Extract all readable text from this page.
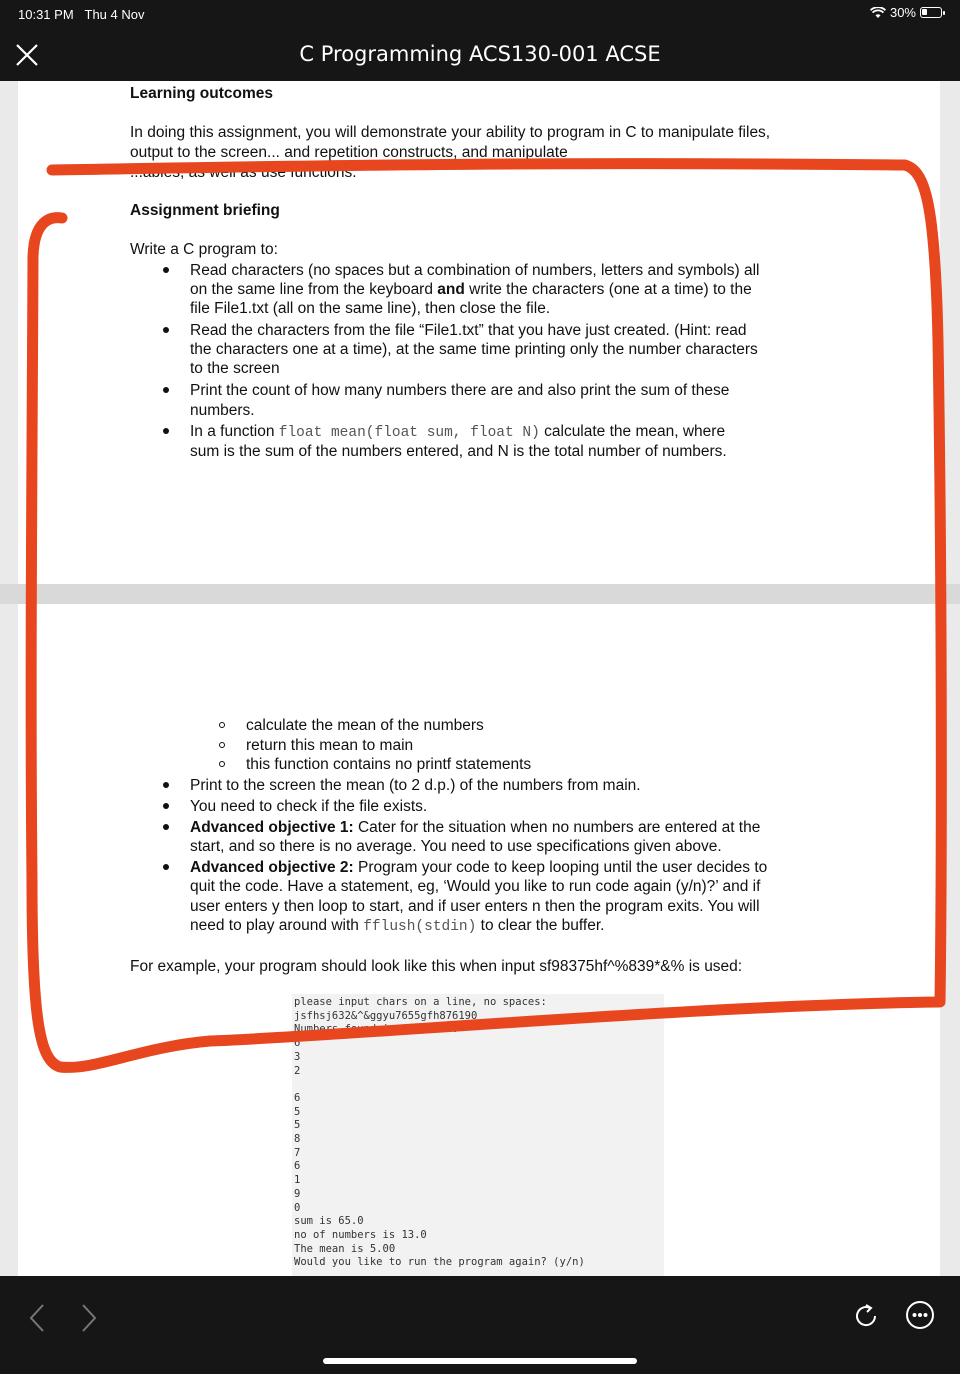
10:31 PM Thu 4 Nov	30%
C Programming ACS130-001 ACSE
Learning outcomes
In doing this assignment, you will demonstrate your ability to program in C to manipulate files,
output to the screen... and repetition constructs, and manipulate
...ables, as well as use functions.
Assignment briefing
Write a C program to:
Read characters (no spaces but a combination of numbers, letters and symbols) all
on the same line from the keyboard and write the characters (one at a time) to the
file File1.txt (all on the same line), then close the file.
Read the characters from the file “File1.txt” that you have just created. (Hint: read
the characters one at a time), at the same time printing only the number characters
to the screen
Print the count of how many numbers there are and also print the sum of these
numbers.
In a function float mean(float sum, float N) calculate the mean, where
sum is the sum of the numbers entered, and N is the total number of numbers.
calculate the mean of the numbers
return this mean to main
this function contains no printf statements
Print to the screen the mean (to 2 d.p.) of the numbers from main.
You need to check if the file exists.
Advanced objective 1: Cater for the situation when no numbers are entered at the
start, and so there is no average. You need to use specifications given above.
Advanced objective 2: Program your code to keep looping until the user decides to
quit the code. Have a statement, eg, ‘Would you like to run code again (y/n)?’ and if
user enters y then loop to start, and if user enters n then the program exits. You will
need to play around with fflush(stdin) to clear the buffer.
For example, your program should look like this when input sf98375hf^%839*&% is used:
please input chars on a line, no spaces:
jsfhsj632&^&ggyu7655gfh876190
Numbers found in the line:
6
3
2

6
5
5
8
7
6
1
9
0
sum is 65.0
no of numbers is 13.0
The mean is 5.00
Would you like to run the program again? (y/n)
